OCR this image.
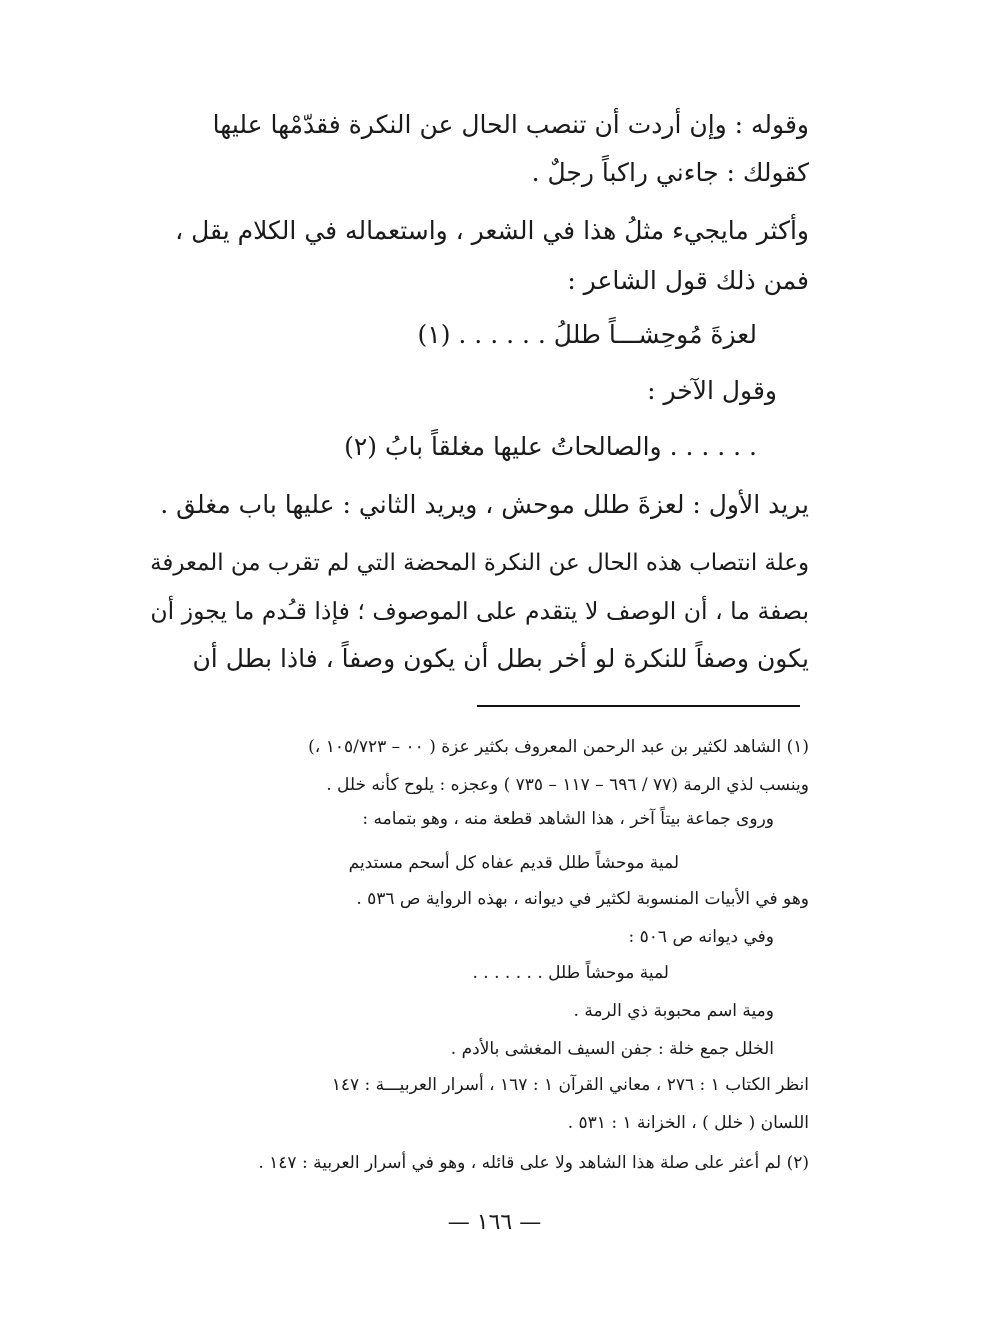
وقوله : وإن أردت أن تنصب الحال عن النكرة فقدّمْها عليها
كقولك : جاءني راكباً رجلٌ .
وأكثر مايجيء مثلُ هذا في الشعر ، واستعماله في الكلام يقل ،
فمن ذلك قول الشاعر :
لعزةَ مُوحِشـــاً طللُ . . . . . . (١)
وقول الآخر :
. . . . . . والصالحاتُ عليها مغلقاً بابُ (٢)
يريد الأول : لعزةَ طلل موحش ، ويريد الثاني : عليها باب مغلق .
وعلة انتصاب هذه الحال عن النكرة المحضة التي لم تقرب من المعرفة
بصفة ما ، أن الوصف لا يتقدم على الموصوف ؛ فإذا قـُدم ما يجوز أن
يكون وصفاً للنكرة لو أخر بطل أن يكون وصفاً ، فاذا بطل أن
(١) الشاهد لكثير بن عبد الرحمن المعروف بكثير عزة ( ٠٠ – ١٠٥/٧٢٣ ،)
وينسب لذي الرمة (٧٧ / ٦٩٦ – ١١٧ – ٧٣٥ ) وعجزه : يلوح كأنه خلل .
وروى جماعة بيتاً آخر ، هذا الشاهد قطعة منه ، وهو بتمامه :
لمية موحشاً طلل قديم عفاه كل أسحم مستديم
وهو في الأبيات المنسوبة لكثير في ديوانه ، بهذه الرواية ص ٥٣٦ .
وفي ديوانه ص ٥٠٦ :
لمية موحشاً طلل . . . . . . .
ومية اسم محبوبة ذي الرمة .
الخلل جمع خلة : جفن السيف المغشى بالأدم .
انظر الكتاب ١ : ٢٧٦ ، معاني القرآن ١ : ١٦٧ ، أسرار العربيـــة : ١٤٧
اللسان ( خلل ) ، الخزانة ١ : ٥٣١ .
(٢) لم أعثر على صلة هذا الشاهد ولا على قائله ، وهو في أسرار العربية : ١٤٧ .
— ١٦٦ —
